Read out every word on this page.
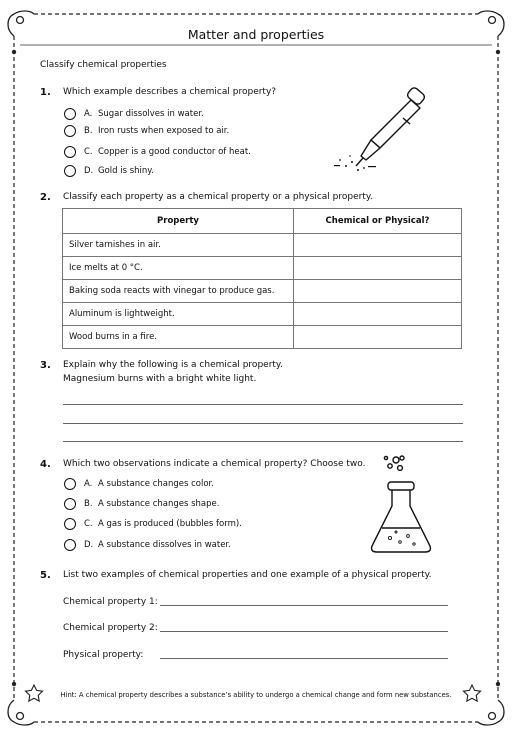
Matter and properties
Classify chemical properties
1. Which example describes a chemical property?
A. Sugar dissolves in water.
B. Iron rusts when exposed to air.
C. Copper is a good conductor of heat.
D. Gold is shiny.
2. Classify each property as a chemical property or a physical property.
Property	Chemical or Physical?
Silver tarnishes in air.	
Ice melts at 0 °C.	
Baking soda reacts with vinegar to produce gas.	
Aluminum is lightweight.	
Wood burns in a fire.	
3. Explain why the following is a chemical property.
Magnesium burns with a bright white light.
4. Which two observations indicate a chemical property? Choose two.
A. A substance changes color.
B. A substance changes shape.
C. A gas is produced (bubbles form).
D. A substance dissolves in water.
5. List two examples of chemical properties and one example of a physical property.
Chemical property 1:
Chemical property 2:
Physical property:
Hint: A chemical property describes a substance’s ability to undergo a chemical change and form new substances.
